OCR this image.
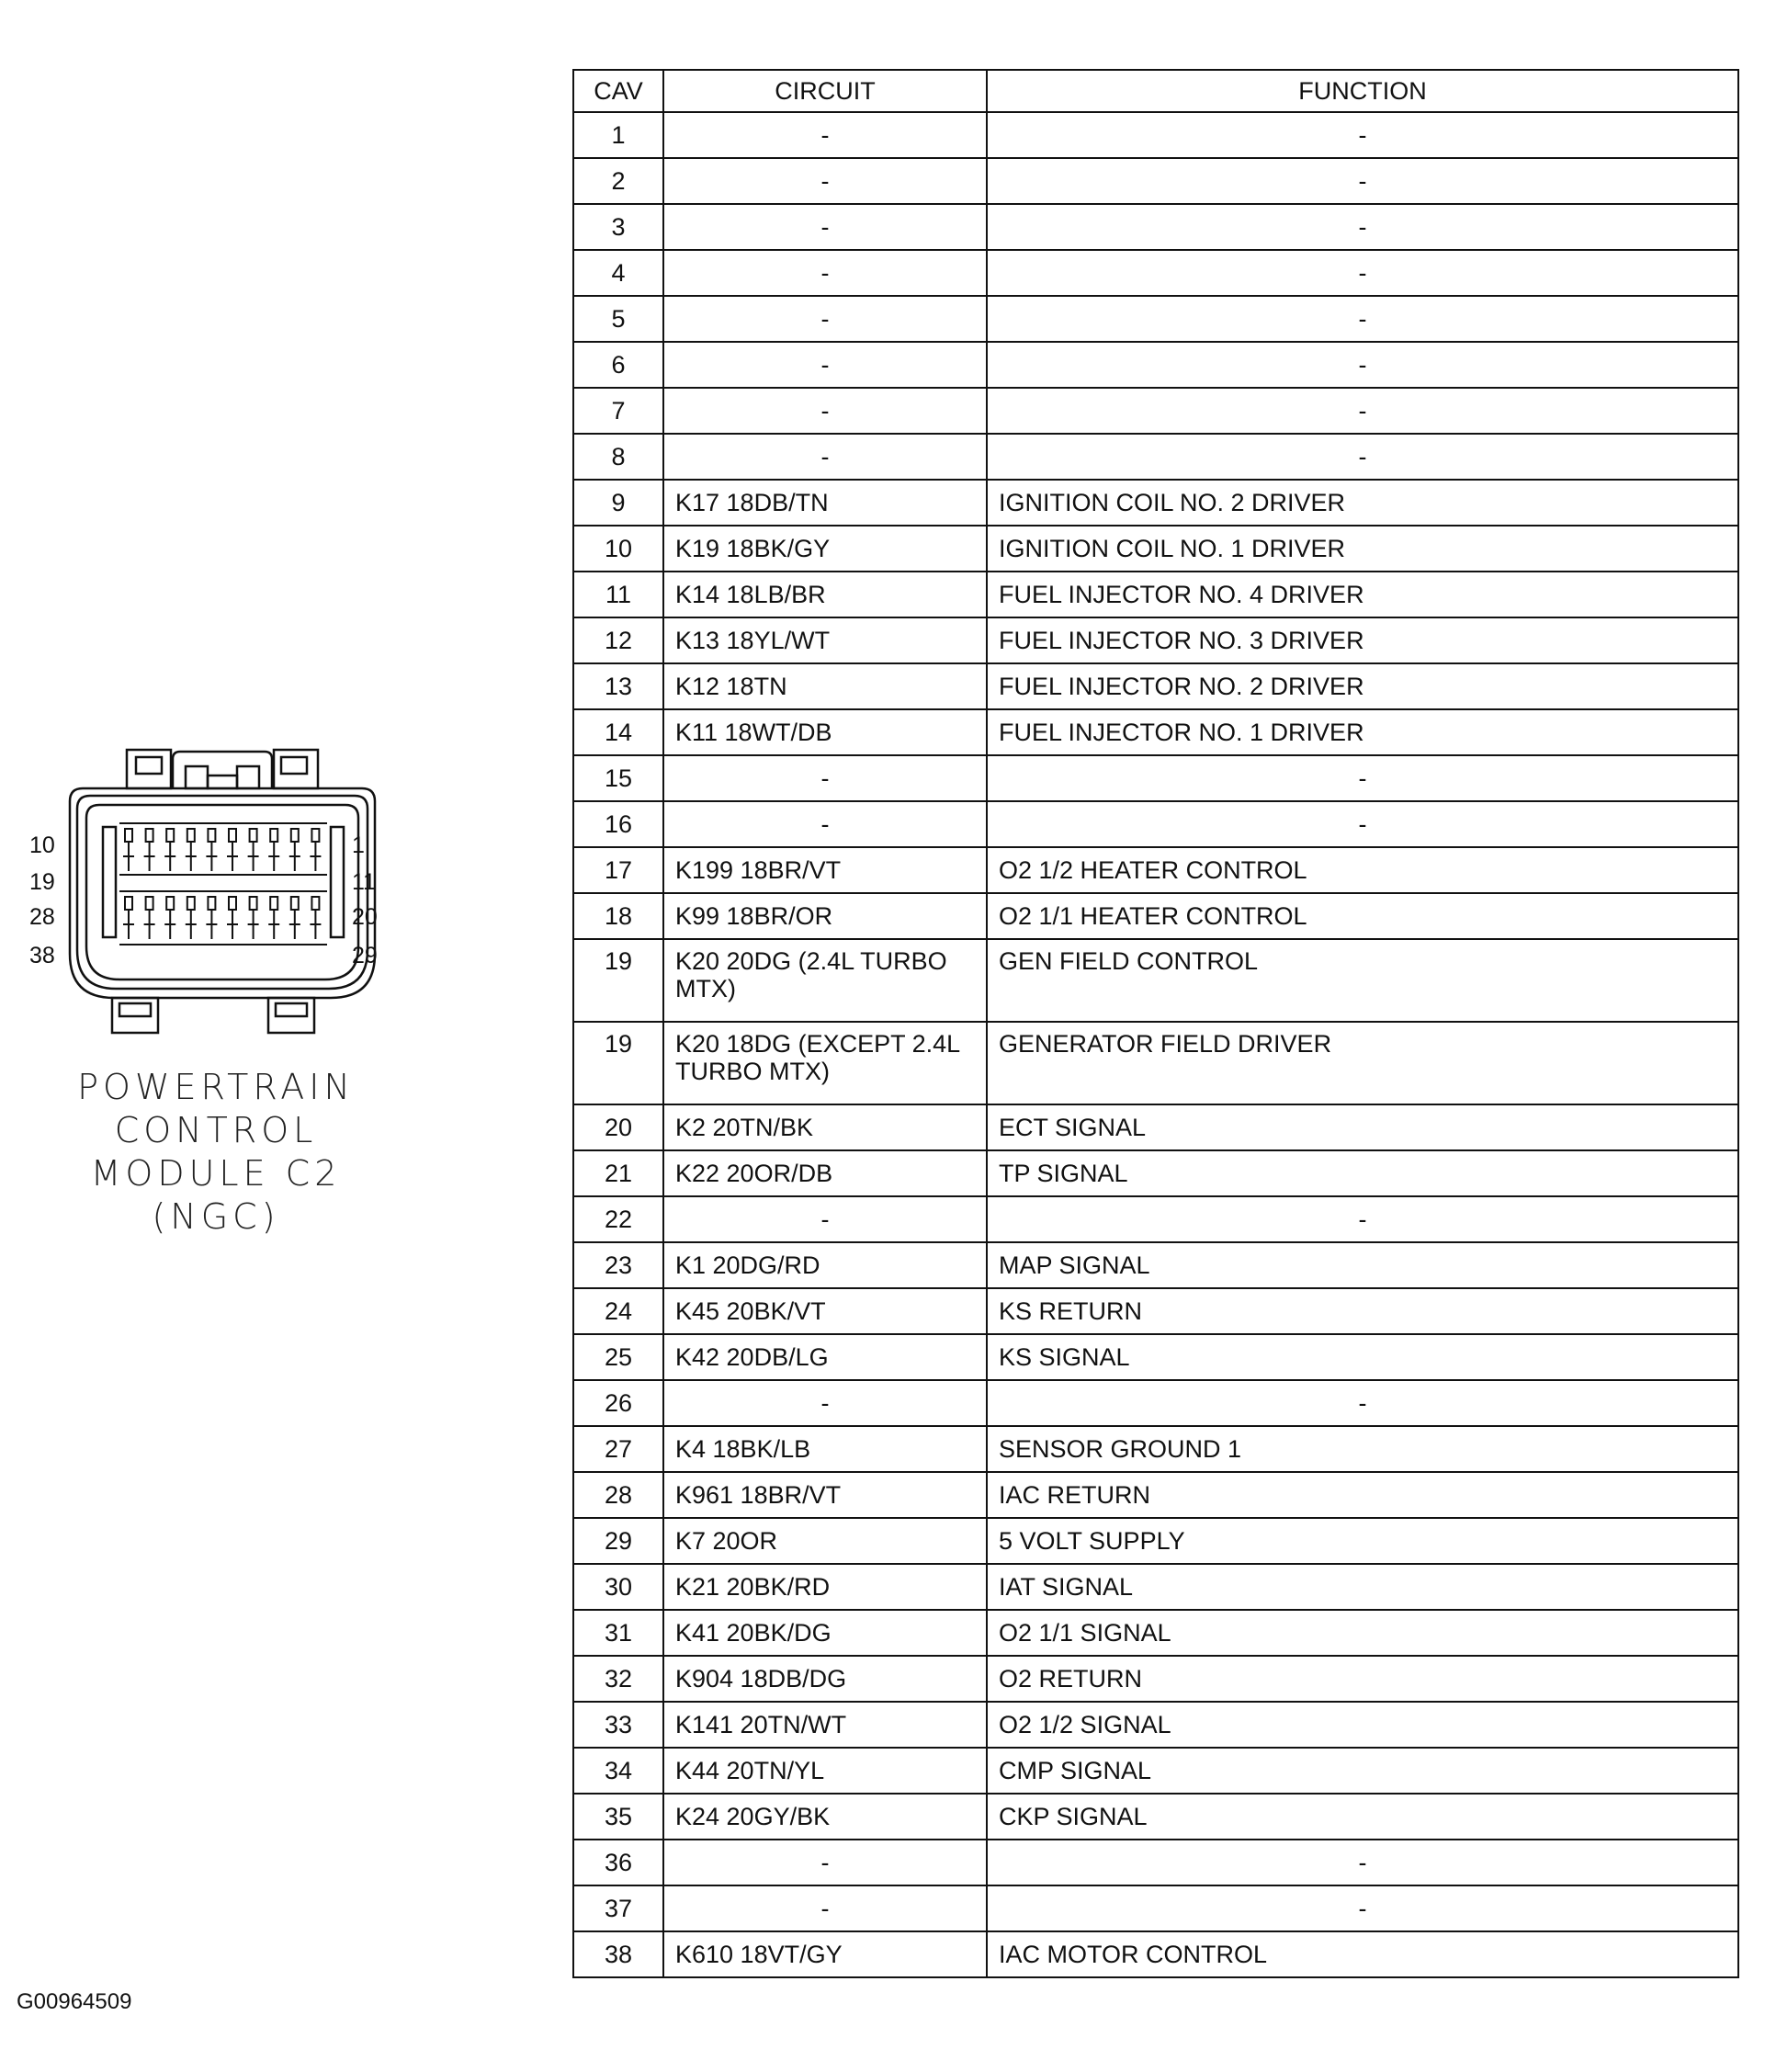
10
19
28
38
1
11
20
29
POWERTRAIN
CONTROL
MODULE C2
(NGC)
CAV	CIRCUIT	FUNCTION
1	-	-
2	-	-
3	-	-
4	-	-
5	-	-
6	-	-
7	-	-
8	-	-
9	K17 18DB/TN	IGNITION COIL NO. 2 DRIVER
10	K19 18BK/GY	IGNITION COIL NO. 1 DRIVER
11	K14 18LB/BR	FUEL INJECTOR NO. 4 DRIVER
12	K13 18YL/WT	FUEL INJECTOR NO. 3 DRIVER
13	K12 18TN	FUEL INJECTOR NO. 2 DRIVER
14	K11 18WT/DB	FUEL INJECTOR NO. 1 DRIVER
15	-	-
16	-	-
17	K199 18BR/VT	O2 1/2 HEATER CONTROL
18	K99 18BR/OR	O2 1/1 HEATER CONTROL
19	K20 20DG (2.4L TURBO MTX)	GEN FIELD CONTROL
19	K20 18DG (EXCEPT 2.4L TURBO MTX)	GENERATOR FIELD DRIVER
20	K2 20TN/BK	ECT SIGNAL
21	K22 20OR/DB	TP SIGNAL
22	-	-
23	K1 20DG/RD	MAP SIGNAL
24	K45 20BK/VT	KS RETURN
25	K42 20DB/LG	KS SIGNAL
26	-	-
27	K4 18BK/LB	SENSOR GROUND 1
28	K961 18BR/VT	IAC RETURN
29	K7 20OR	5 VOLT SUPPLY
30	K21 20BK/RD	IAT SIGNAL
31	K41 20BK/DG	O2 1/1 SIGNAL
32	K904 18DB/DG	O2 RETURN
33	K141 20TN/WT	O2 1/2 SIGNAL
34	K44 20TN/YL	CMP SIGNAL
35	K24 20GY/BK	CKP SIGNAL
36	-	-
37	-	-
38	K610 18VT/GY	IAC MOTOR CONTROL
G00964509
